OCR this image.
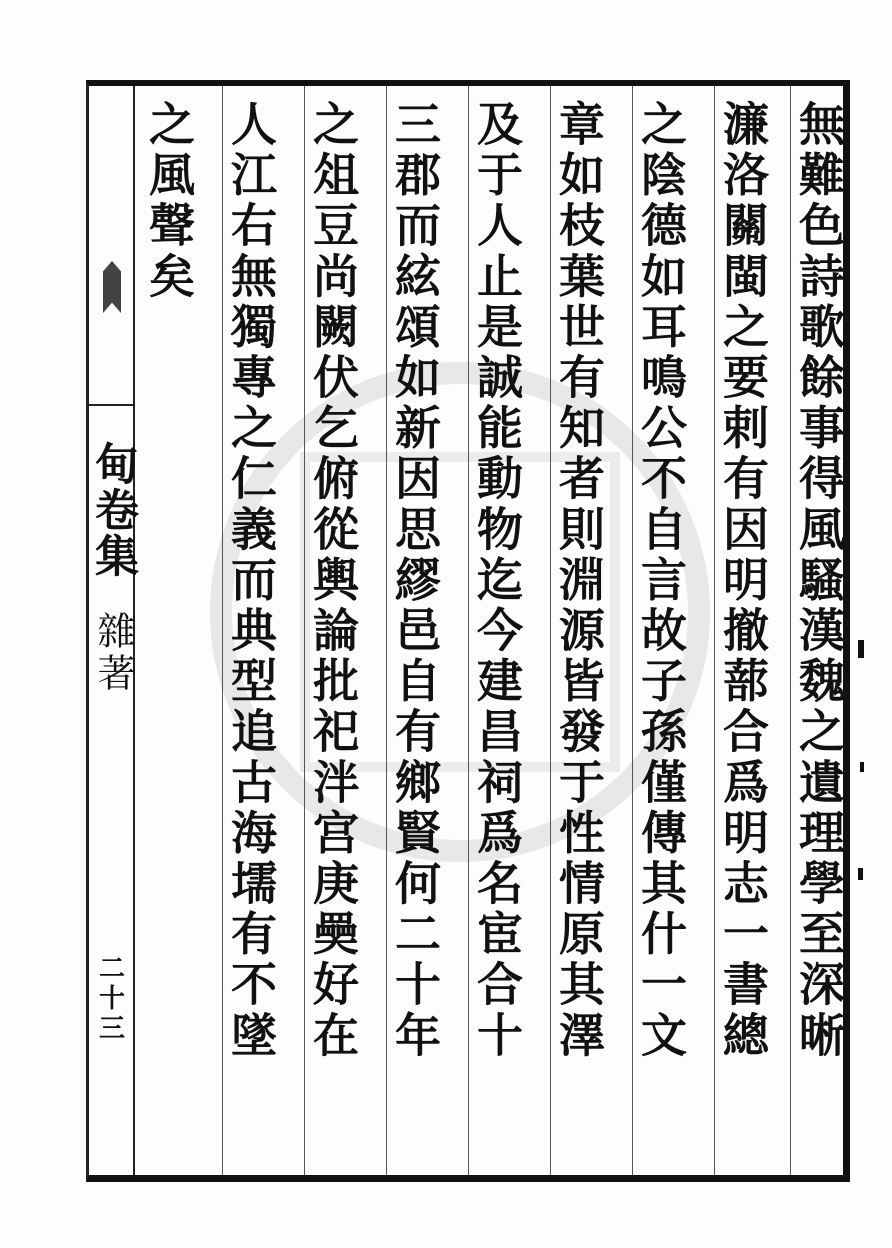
甸卷集
雜著
二十三	無難色詩歌餘事得風騷漢魏之遺理學至深晰
濂洛關閩之要剌有因明撤蔀合爲明志一書總
之陰德如耳鳴公不自言故子孫僅傳其什一文
章如枝葉世有知者則淵源皆發于性情原其澤
及于人止是誠能動物迄今建昌祠爲名宦合十
三郡而絃頌如新因思繆邑自有鄉賢何二十年
之俎豆尚闕伏乞俯從輿論批祀泮宫庚奰好在
人江右無獨專之仁義而典型追古海壖有不墜
之風聲矣
